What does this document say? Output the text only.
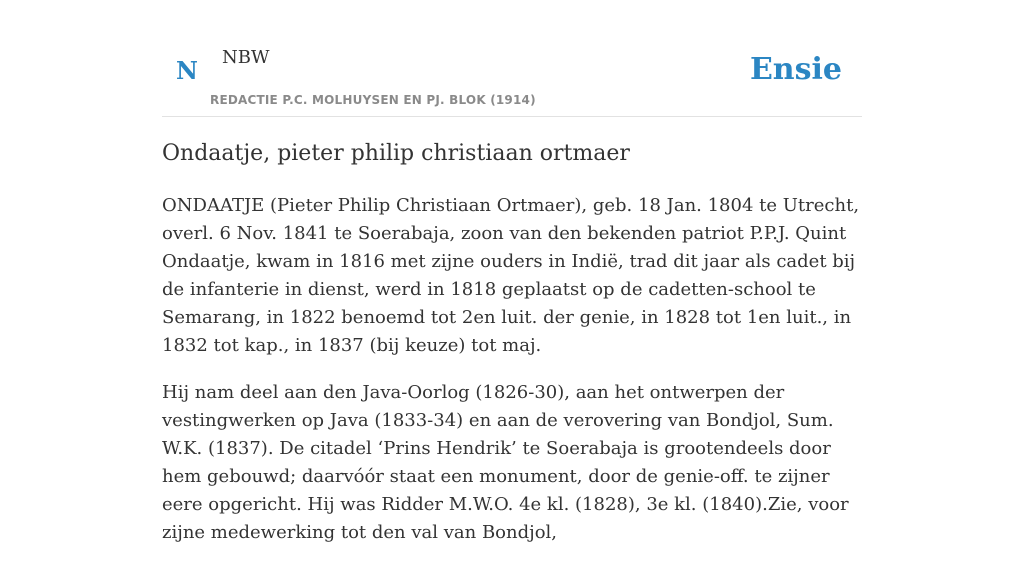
N NBW
REDACTIE P.C. MOLHUYSEN EN PJ. BLOK (1914)
Ensie
Ondaatje, pieter philip christiaan ortmaer

ONDAATJE (Pieter Philip Christiaan Ortmaer), geb. 18 Jan. 1804 te Utrecht, overl. 6 Nov. 1841 te Soerabaja, zoon van den bekenden patriot P.P.J. Quint Ondaatje, kwam in 1816 met zijne ouders in Indië, trad dit jaar als cadet bij de infanterie in dienst, werd in 1818 geplaatst op de cadetten-school te Semarang, in 1822 benoemd tot 2en luit. der genie, in 1828 tot 1en luit., in 1832 tot kap., in 1837 (bij keuze) tot maj.

Hij nam deel aan den Java-Oorlog (1826-30), aan het ontwerpen der vestingwerken op Java (1833-34) en aan de verovering van Bondjol, Sum. W.K. (1837). De citadel ‘Prins Hendrik’ te Soerabaja is grootendeels door hem gebouwd; daarvóór staat een monument, door de genie-off. te zijner eere opgericht. Hij was Ridder M.W.O. 4e kl. (1828), 3e kl. (1840).Zie, voor zijne medewerking tot den val van Bondjol,
